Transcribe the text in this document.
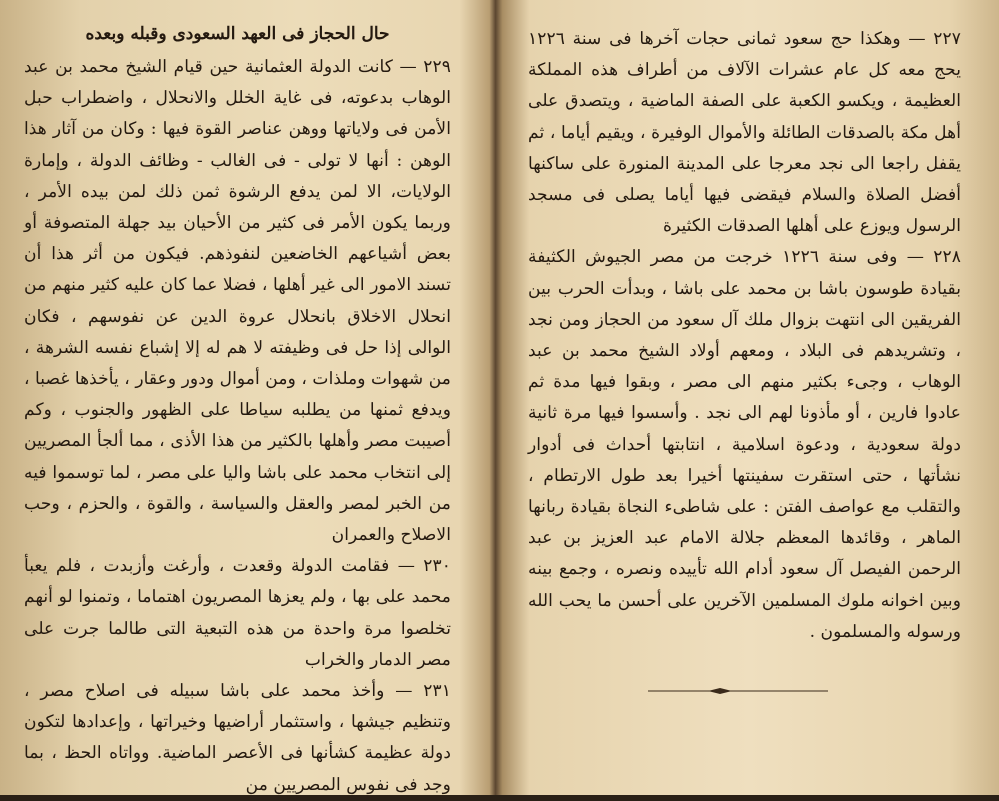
حال الحجاز فى العهد السعودى وقبله وبعده

٢٢٩ — كانت الدولة العثمانية حين قيام الشيخ محمد بن عبد الوهاب بدعوته، فى غاية الخلل والانحلال ، واضطراب حبل الأمن فى ولاياتها ووهن عناصر القوة فيها : وكان من آثار هذا الوهن : أنها لا تولى - فى الغالب - وظائف الدولة ، وإمارة الولايات، الا لمن يدفع الرشوة ثمن ذلك لمن بيده الأمر ، وربما يكون الأمر فى كثير من الأحيان بيد جهلة المتصوفة أو بعض أشياعهم الخاضعين لنفوذهم. فيكون من أثر هذا أن تسند الامور الى غير أهلها ، فضلا عما كان عليه كثير منهم من انحلال الاخلاق بانحلال عروة الدين عن نفوسهم ، فكان الوالى إذا حل فى وظيفته لا هم له إلا إشباع نفسه الشرهة ، من شهوات وملذات ، ومن أموال ودور وعقار ، يأخذها غصبا ، ويدفع ثمنها من يطلبه سياطا على الظهور والجنوب ، وكم أصيبت مصر وأهلها بالكثير من هذا الأذى ، مما ألجأ المصريين إلى انتخاب محمد على باشا واليا على مصر ، لما توسموا فيه من الخبر لمصر والعقل والسياسة ، والقوة ، والحزم ، وحب الاصلاح والعمران

٢٣٠ — فقامت الدولة وقعدت ، وأرغت وأزبدت ، فلم يعبأ محمد على بها ، ولم يعزها المصريون اهتماما ، وتمنوا لو أنهم تخلصوا مرة واحدة من هذه التبعية التى طالما جرت على مصر الدمار والخراب

٢٣١ — وأخذ محمد على باشا سبيله فى اصلاح مصر ، وتنظيم جيشها ، واستثمار أراضيها وخيراتها ، وإعدادها لتكون دولة عظيمة كشأنها فى الأعصر الماضية. وواتاه الحظ ، بما وجد فى نفوس المصريين من

٢٢٧ — وهكذا حج سعود ثمانى حجات آخرها فى سنة ١٢٢٦ يحج معه كل عام عشرات الآلاف من أطراف هذه المملكة العظيمة ، ويكسو الكعبة على الصفة الماضية ، ويتصدق على أهل مكة بالصدقات الطائلة والأموال الوفيرة ، ويقيم أياما ، ثم يقفل راجعا الى نجد معرجا على المدينة المنورة على ساكنها أفضل الصلاة والسلام فيقضى فيها أياما يصلى فى مسجد الرسول ويوزع على أهلها الصدقات الكثيرة

٢٢٨ — وفى سنة ١٢٢٦ خرجت من مصر الجيوش الكثيفة بقيادة طوسون باشا بن محمد على باشا ، وبدأت الحرب بين الفريقين الى انتهت بزوال ملك آل سعود من الحجاز ومن نجد ، وتشريدهم فى البلاد ، ومعهم أولاد الشيخ محمد بن عبد الوهاب ، وجىء بكثير منهم الى مصر ، وبقوا فيها مدة ثم عادوا فارين ، أو مأذونا لهم الى نجد . وأسسوا فيها مرة ثانية دولة سعودية ، ودعوة اسلامية ، انتابتها أحداث فى أدوار نشأتها ، حتى استقرت سفينتها أخيرا بعد طول الارتطام ، والتقلب مع عواصف الفتن : على شاطىء النجاة بقيادة ربانها الماهر ، وقائدها المعظم جلالة الامام عبد العزيز بن عبد الرحمن الفيصل آل سعود أدام الله تأييده ونصره ، وجمع بينه وبين اخوانه ملوك المسلمين الآخرين على أحسن ما يحب الله ورسوله والمسلمون .
